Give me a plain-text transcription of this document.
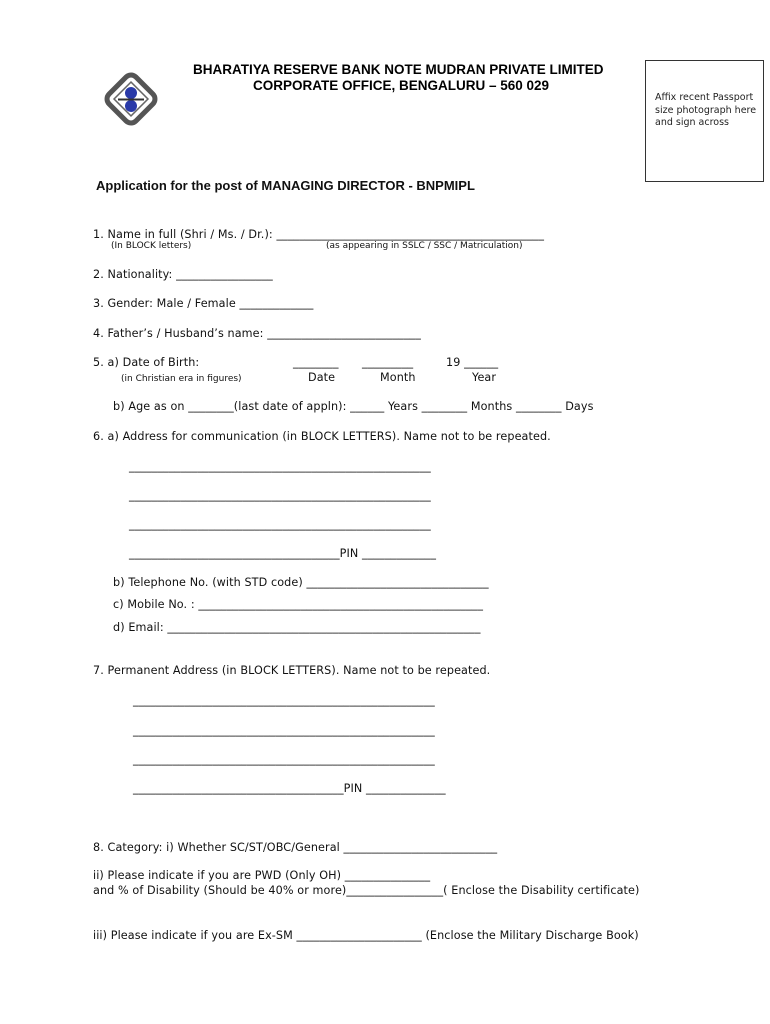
BHARATIYA RESERVE BANK NOTE MUDRAN PRIVATE LIMITED
CORPORATE OFFICE, BENGALURU – 560 029
Affix recent Passport size photograph here and sign across
Application for the post of MANAGING DIRECTOR - BNPMIPL
1. Name in full (Shri / Ms. / Dr.): _______________________________________________
(In BLOCK letters)	(as appearing in SSLC / SSC / Matriculation)
2. Nationality: _________________
3. Gender: Male / Female _____________
4. Father’s / Husband’s name: ___________________________
5. a) Date of Birth:	________ _________	19 ______
(in Christian era in figures)	Date	Month	Year
b) Age as on ________(last date of appln): ______ Years ________ Months ________ Days
6. a) Address for communication (in BLOCK LETTERS). Name not to be repeated.
_____________________________________________________
_____________________________________________________
_____________________________________________________
_____________________________________PIN _____________
b) Telephone No. (with STD code) ________________________________
c) Mobile No. : __________________________________________________
d) Email: _______________________________________________________
7. Permanent Address (in BLOCK LETTERS). Name not to be repeated.
_____________________________________________________
_____________________________________________________
_____________________________________________________
_____________________________________PIN ______________
8. Category: i) Whether SC/ST/OBC/General ___________________________
ii) Please indicate if you are PWD (Only OH) _______________
and % of Disability (Should be 40% or more)_________________( Enclose the Disability certificate)
iii) Please indicate if you are Ex-SM ______________________ (Enclose the Military Discharge Book)
